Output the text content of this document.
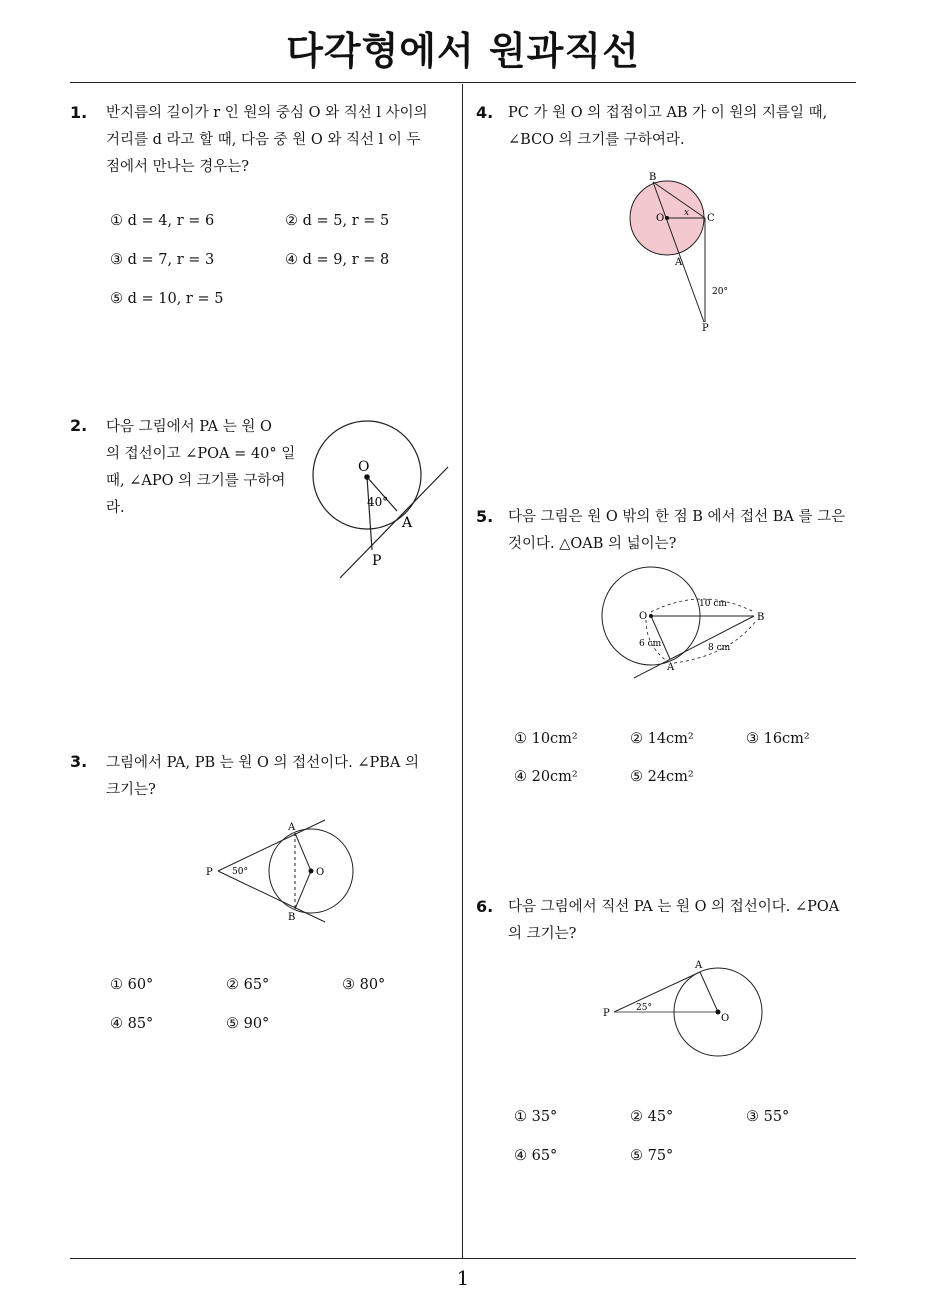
다각형에서 원과직선
1
1. 반지름의 길이가 r 인 원의 중심 O 와 직선 l 사이의
거리를 d 라고 할 때, 다음 중 원 O 와 직선 l 이 두
점에서 만나는 경우는?
① d = 4, r = 6	② d = 5, r = 5
③ d = 7, r = 3	④ d = 9, r = 8
⑤ d = 10, r = 5
2. 다음 그림에서 PA 는 원 O
의 접선이고 ∠POA = 40° 일
때, ∠APO 의 크기를 구하여
라.
O
A
P
40°
3. 그림에서 PA, PB 는 원 O 의 접선이다. ∠PBA 의
크기는?
A
B
P	O
50°
① 60°	② 65°	③ 80°
④ 85°	⑤ 90°
4. PC 가 원 O 의 접점이고 AB 가 이 원의 지름일 때,
∠BCO 의 크기를 구하여라.
B
O	C
A
P
x
20°
5. 다음 그림은 원 O 밖의 한 점 B 에서 접선 BA 를 그은
것이다. △OAB 의 넓이는?
O	B
A
10 cm
6 cm	8 cm
① 10cm²	② 14cm²	③ 16cm²
④ 20cm²	⑤ 24cm²
6. 다음 그림에서 직선 PA 는 원 O 의 접선이다. ∠POA
의 크기는?
A
P	O
25°
① 35°	② 45°	③ 55°
④ 65°	⑤ 75°
